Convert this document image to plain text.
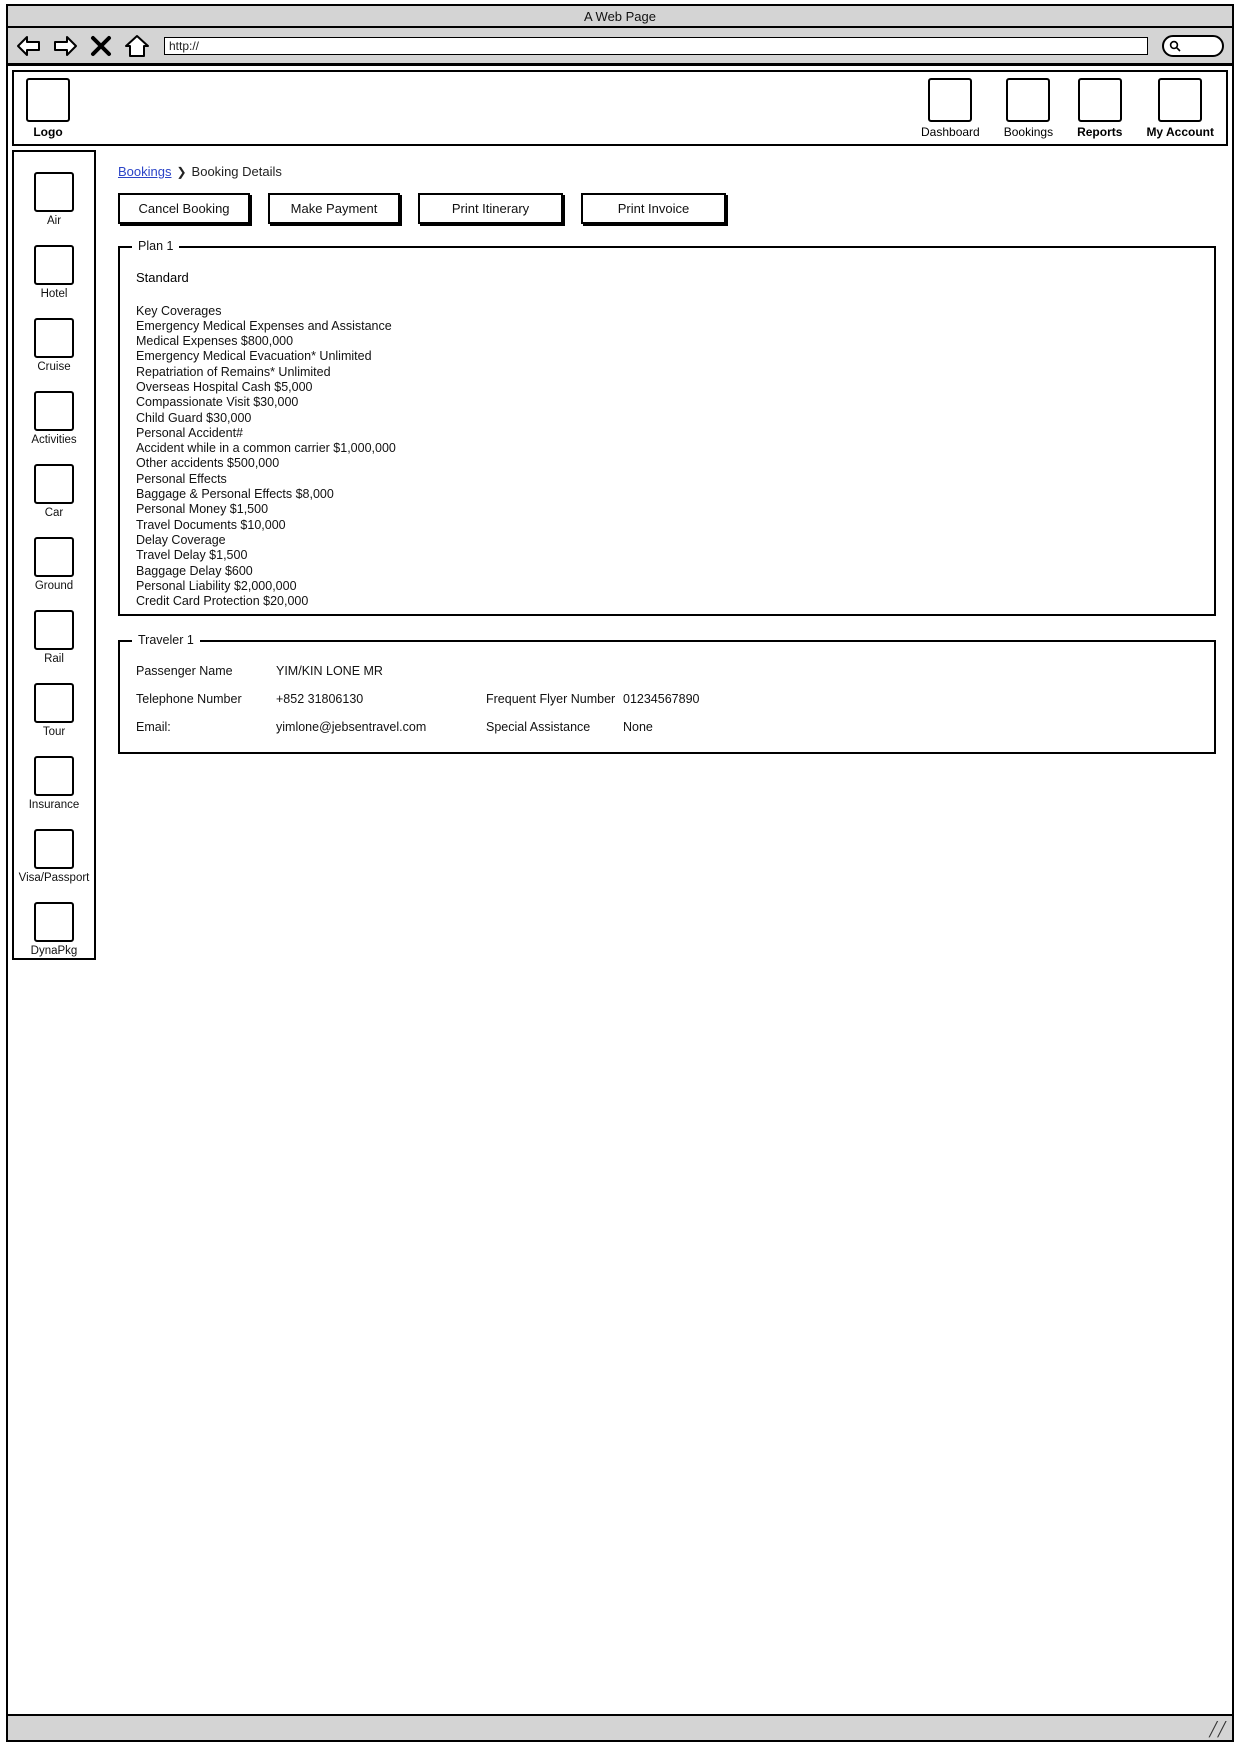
A Web Page
http://
Logo	Dashboard Bookings Reports My Account
Air
Hotel
Cruise
Activities
Car
Ground
Rail
Tour
Insurance
Visa/Passport
DynaPkg
Bookings ❯ Booking Details
Cancel Booking	Make Payment	Print Itinerary	Print Invoice
Plan 1
Standard
Key Coverages
Emergency Medical Expenses and Assistance
Medical Expenses $800,000
Emergency Medical Evacuation* Unlimited
Repatriation of Remains* Unlimited
Overseas Hospital Cash $5,000
Compassionate Visit $30,000
Child Guard $30,000
Personal Accident#
Accident while in a common carrier $1,000,000
Other accidents $500,000
Personal Effects
Baggage & Personal Effects $8,000
Personal Money $1,500
Travel Documents $10,000
Delay Coverage
Travel Delay $1,500
Baggage Delay $600
Personal Liability $2,000,000
Credit Card Protection $20,000
Traveler 1
Passenger Name	YIM/KIN LONE MR
Telephone Number	+852 31806130	Frequent Flyer Number 01234567890
Email:	yimlone@jebsentravel.com	Special Assistance	None
╱╱
